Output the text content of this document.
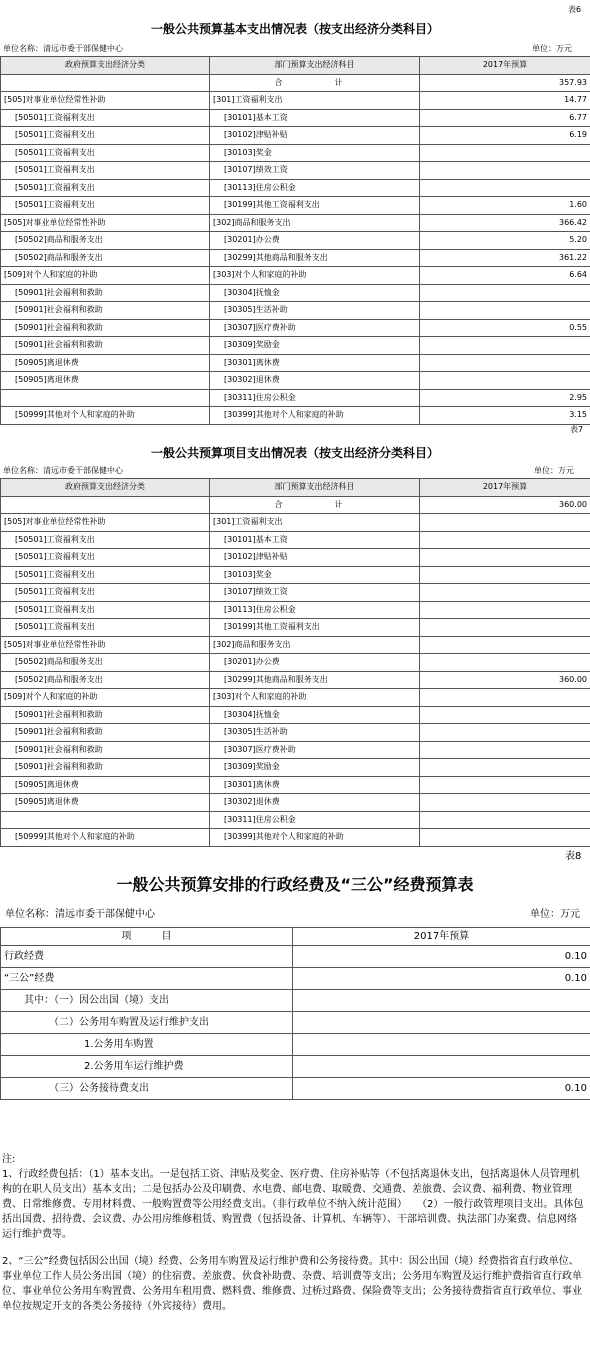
表6
一般公共预算基本支出情况表（按支出经济分类科目）
单位名称：清远市委干部保健中心	单位：万元
政府预算支出经济分类	部门预算支出经济科目	2017年预算
	合　　计	357.93
[505]对事业单位经常性补助	[301]工资福利支出	14.77
[50501]工资福利支出	[30101]基本工资	6.77
[50501]工资福利支出	[30102]津贴补贴	6.19
[50501]工资福利支出	[30103]奖金	
[50501]工资福利支出	[30107]绩效工资	
[50501]工资福利支出	[30113]住房公积金	
[50501]工资福利支出	[30199]其他工资福利支出	1.60
[505]对事业单位经常性补助	[302]商品和服务支出	366.42
[50502]商品和服务支出	[30201]办公费	5.20
[50502]商品和服务支出	[30299]其他商品和服务支出	361.22
[509]对个人和家庭的补助	[303]对个人和家庭的补助	6.64
[50901]社会福利和救助	[30304]抚恤金	
[50901]社会福利和救助	[30305]生活补助	
[50901]社会福利和救助	[30307]医疗费补助	0.55
[50901]社会福利和救助	[30309]奖励金	
[50905]离退休费	[30301]离休费	
[50905]离退休费	[30302]退休费	
	[30311]住房公积金	2.95
[50999]其他对个人和家庭的补助	[30399]其他对个人和家庭的补助	3.15
表7
一般公共预算项目支出情况表（按支出经济分类科目）
单位名称：清远市委干部保健中心	单位：万元
政府预算支出经济分类	部门预算支出经济科目	2017年预算
	合　　计	360.00
[505]对事业单位经常性补助	[301]工资福利支出	
[50501]工资福利支出	[30101]基本工资	
[50501]工资福利支出	[30102]津贴补贴	
[50501]工资福利支出	[30103]奖金	
[50501]工资福利支出	[30107]绩效工资	
[50501]工资福利支出	[30113]住房公积金	
[50501]工资福利支出	[30199]其他工资福利支出	
[505]对事业单位经常性补助	[302]商品和服务支出	
[50502]商品和服务支出	[30201]办公费	
[50502]商品和服务支出	[30299]其他商品和服务支出	360.00
[509]对个人和家庭的补助	[303]对个人和家庭的补助	
[50901]社会福利和救助	[30304]抚恤金	
[50901]社会福利和救助	[30305]生活补助	
[50901]社会福利和救助	[30307]医疗费补助	
[50901]社会福利和救助	[30309]奖励金	
[50905]离退休费	[30301]离休费	
[50905]离退休费	[30302]退休费	
	[30311]住房公积金	
[50999]其他对个人和家庭的补助	[30399]其他对个人和家庭的补助	
表8
一般公共预算安排的行政经费及“三公”经费预算表
单位名称：清远市委干部保健中心	单位：万元
项　　　目	2017年预算
行政经费	0.10
“三公”经费	0.10
　　其中：（一）因公出国（境）支出	
　　　　　（二）公务用车购置及运行维护支出	
　　　　　　　　1.公务用车购置	
　　　　　　　　2.公务用车运行维护费	
　　　　　（三）公务接待费支出	0.10
注:

1、行政经费包括：（1）基本支出。一是包括工资、津贴及奖金、医疗费、住房补贴等（不包括离退休支出，包括离退休人员管理机构的在职人员支出）基本支出；二是包括办公及印刷费、水电费、邮电费、取暖费、交通费、差旅费、会议费、福利费、物业管理费、日常维修费、专用材料费、一般购置费等公用经费支出。（非行政单位不纳入统计范围）　　（2）一般行政管理项目支出。具体包括出国费、招待费、会议费、办公用房维修租赁、购置费（包括设备、计算机、车辆等）、干部培训费、执法部门办案费、信息网络运行维护费等。

2、“三公”经费包括因公出国（境）经费、公务用车购置及运行维护费和公务接待费。其中：因公出国（境）经费指省直行政单位、事业单位工作人员公务出国（境）的住宿费、差旅费、伙食补助费、杂费、培训费等支出；公务用车购置及运行维护费指省直行政单位、事业单位公务用车购置费、公务用车租用费、燃料费、维修费、过桥过路费、保险费等支出；公务接待费指省直行政单位、事业单位按规定开支的各类公务接待（外宾接待）费用。
